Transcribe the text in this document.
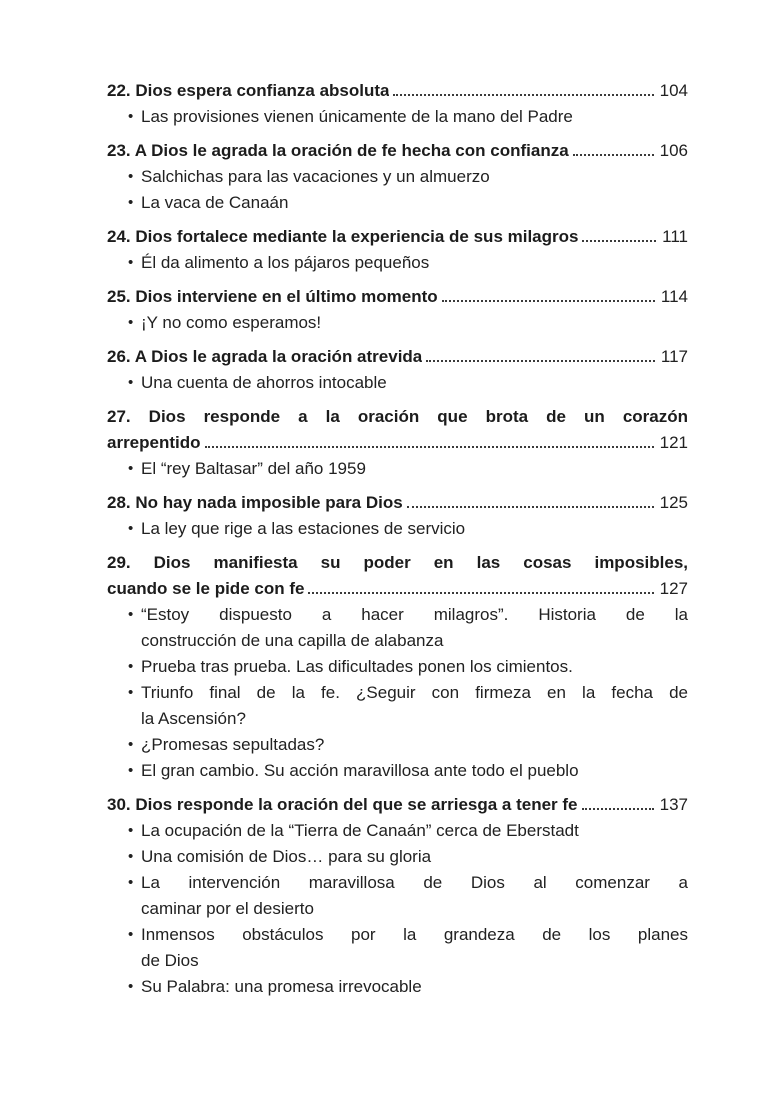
22. Dios espera confianza absoluta	104
• Las provisiones vienen únicamente de la mano del Padre
23. A Dios le agrada la oración de fe hecha con confianza	106
• Salchichas para las vacaciones y un almuerzo
• La vaca de Canaán
24. Dios fortalece mediante la experiencia de sus milagros	111
• Él da alimento a los pájaros pequeños
25. Dios interviene en el último momento	114
• ¡Y no como esperamos!
26. A Dios le agrada la oración atrevida	117
• Una cuenta de ahorros intocable
27. Dios responde a la oración que brota de un corazón
arrepentido	121
• El “rey Baltasar” del año 1959
28. No hay nada imposible para Dios	125
• La ley que rige a las estaciones de servicio
29. Dios manifiesta su poder en las cosas imposibles,
cuando se le pide con fe	127
• “Estoy dispuesto a hacer milagros”. Historia de la
construcción de una capilla de alabanza
• Prueba tras prueba. Las dificultades ponen los cimientos.
• Triunfo final de la fe. ¿Seguir con firmeza en la fecha de
la Ascensión?
• ¿Promesas sepultadas?
• El gran cambio. Su acción maravillosa ante todo el pueblo
30. Dios responde la oración del que se arriesga a tener fe	137
• La ocupación de la “Tierra de Canaán” cerca de Eberstadt
• Una comisión de Dios… para su gloria
• La intervención maravillosa de Dios al comenzar a
caminar por el desierto
• Inmensos obstáculos por la grandeza de los planes
de Dios
• Su Palabra: una promesa irrevocable
